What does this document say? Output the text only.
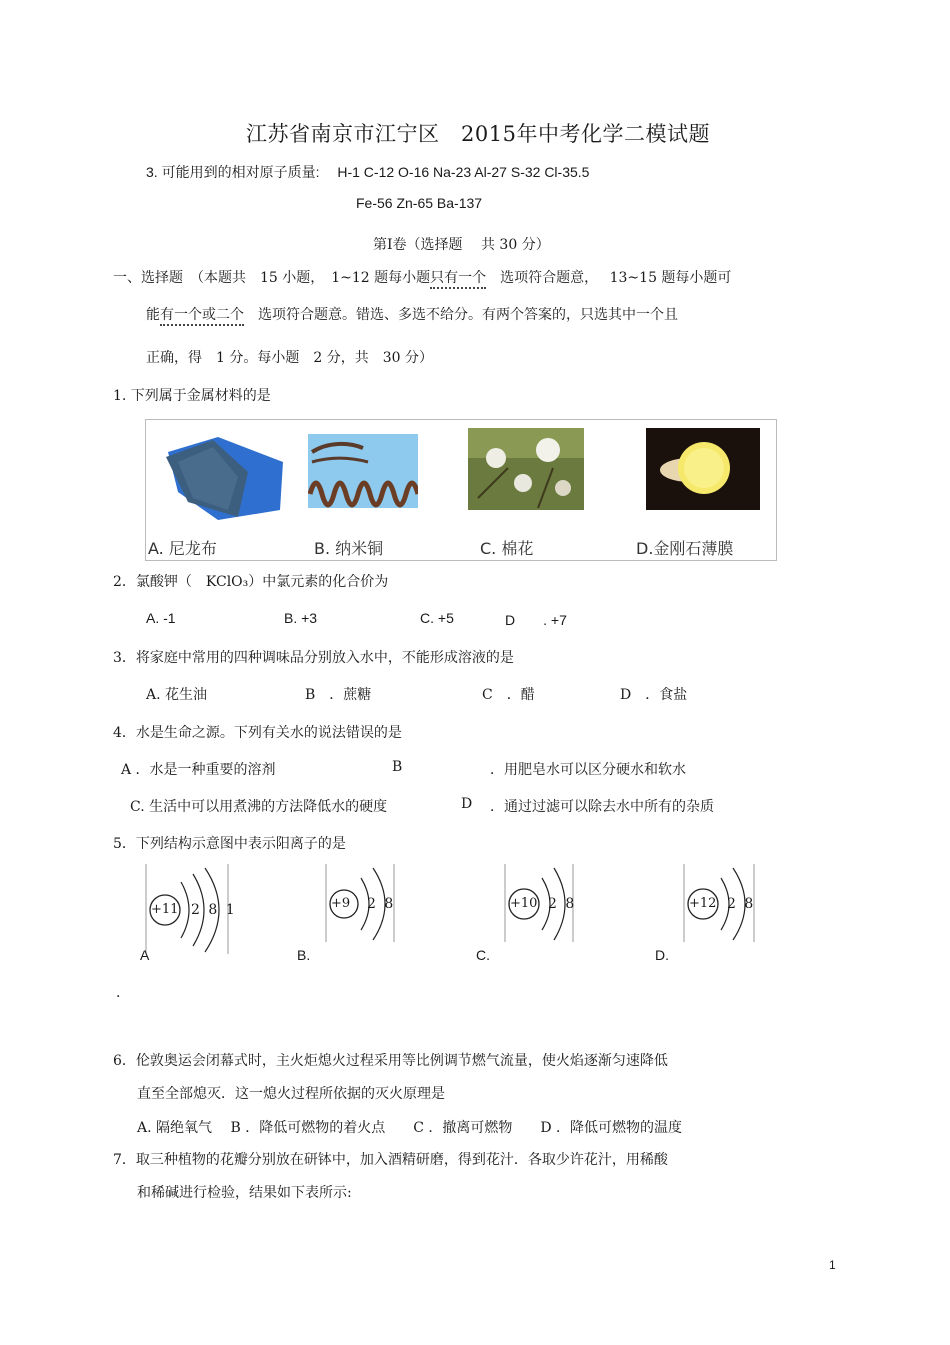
江苏省南京市江宁区　2015年中考化学二模试题
3. 可能用到的相对原子质量:　 H-1 C-12 O-16 Na-23 Al-27 S-32 Cl-35.5
Fe-56 Zn-65 Ba-137
第Ⅰ卷（选择题　 共 30 分）
一、选择题　（本题共　15 小题，　1~12 题每小题只有一个　选项符合题意，　 13~15 题每小题可
能有一个或二个　选项符合题意。错选、多选不给分。有两个答案的，只选其中一个且
正确，得　1 分。每小题　2 分，共　30 分）
1. 下列属于金属材料的是
A. 尼龙布	B. 纳米铜	C. 棉花	D.金刚石薄膜
2．氯酸钾（　KClO₃）中氯元素的化合价为
A. -1	B. +3	C. +5	D　　. +7
3．将家庭中常用的四种调味品分别放入水中，不能形成溶液的是
A. 花生油	B　．蔗糖	C　．醋	D　．食盐
4．水是生命之源。下列有关水的说法错误的是
A ．水是一种重要的溶剂	B	．用肥皂水可以区分硬水和软水
C. 生活中可以用煮沸的方法降低水的硬度	D ．通过过滤可以除去水中所有的杂质
5．下列结构示意图中表示阳离子的是
+11 2 8 1
A
+9 2 8
B.
+10 2 8
C.
+12 2 8
D.
.
6．伦敦奥运会闭幕式时，主火炬熄火过程采用等比例调节燃气流量，使火焰逐渐匀速降低
直至全部熄灭．这一熄火过程所依据的灭火原理是
A. 隔绝氧气　 B ．降低可燃物的着火点　　C ．撤离可燃物　　D ．降低可燃物的温度
7．取三种植物的花瓣分别放在研钵中，加入酒精研磨，得到花汁．各取少许花汁，用稀酸
和稀碱进行检验，结果如下表所示:
1
